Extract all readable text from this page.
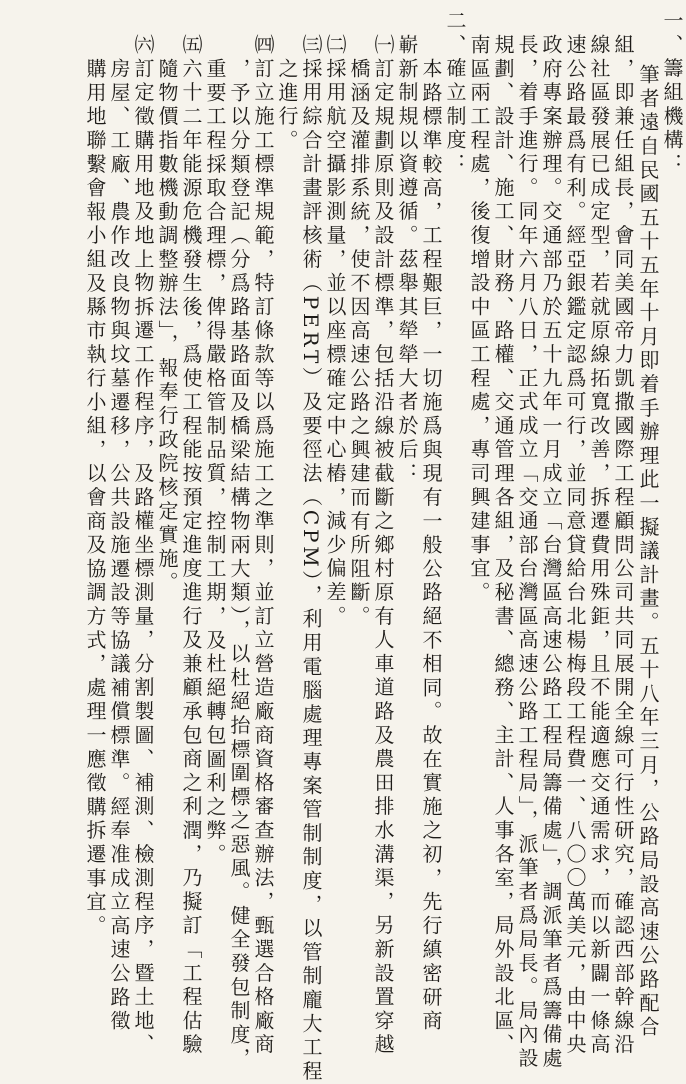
一、籌組機構：
筆者遠自民國五十五年十月即着手辦理此一擬議計畫。五十八年三月，公路局設高速公路配合
組，即兼任組長，會同美國帝力凱撒國際工程顧問公司共同展開全線可行性研究，確認西部幹線沿
線社區發展已成定型，若就原線拓寬改善，拆遷費用殊鉅，且不能適應交通需求，而以新闢一條高
速公路最爲有利。經亞銀鑑定認爲可行，並同意貸給台北楊梅段工程費一、八〇〇萬美元，由中央
政府專案辦理。交通部乃於五十九年一月成立「台灣區高速公路工程局籌備處」，調派筆者爲籌備處
長，着手進行。同年六月八日，正式成立「交通部台灣區高速公路工程局」，派筆者爲局長。局內設
規劃、設計、施工、財務、路權、交通管理各組，及秘書、總務、主計、人事各室，局外設北區、
南區兩工程處，後復增設中區工程處，專司興建事宜。
二、確立制度：
本路標準較高，工程艱巨，一切施爲與現有一般公路絕不相同。故在實施之初，先行縝密研商
嶄新制規以資遵循。茲舉其犖犖大者於后：
㈠訂定規劃原則及設計標準，包括沿線被截斷之鄉村原有人車道路及農田排水溝渠，另新設置穿越
橋涵及灌排系統，使不因高速公路之興建而有所阻斷。
㈡採用航空攝影測量，並以座標確定中心樁，減少偏差。
㈢採用綜合計畫評核術（PERT）及要徑法（CPM），利用電腦處理專案管制制度，以管制龐大工程
之進行。
㈣訂立施工標準規範，特訂條款等以爲施工之準則，並訂立營造廠商資格審查辦法，甄選合格廠商
，予以分類登記（分爲路基路面及橋梁結構物兩大類），以杜絕抬標圍標之惡風。健全發包制度，
重要工程採取合理標，俾得嚴格管制品質，控制工期，及杜絕轉包圖利之弊。
㈤六十二年能源危機發生後，爲使工程能按預定進度進行及兼顧承包商之利潤，乃擬訂「工程估驗
隨物價指數機動調整辦法」，報奉行政院核定實施。
㈥訂定徵購用地及地上物拆遷工作程序，及路權坐標測量，分割製圖、補測、檢測程序，暨土地、
房屋、工廠、農作改良物與坟墓遷移，公共設施遷設等協議補償標準。經奉准成立高速公路徵
購用地聯繫會報小組及縣市執行小組，以會商及協調方式，處理一應徵購拆遷事宜。
